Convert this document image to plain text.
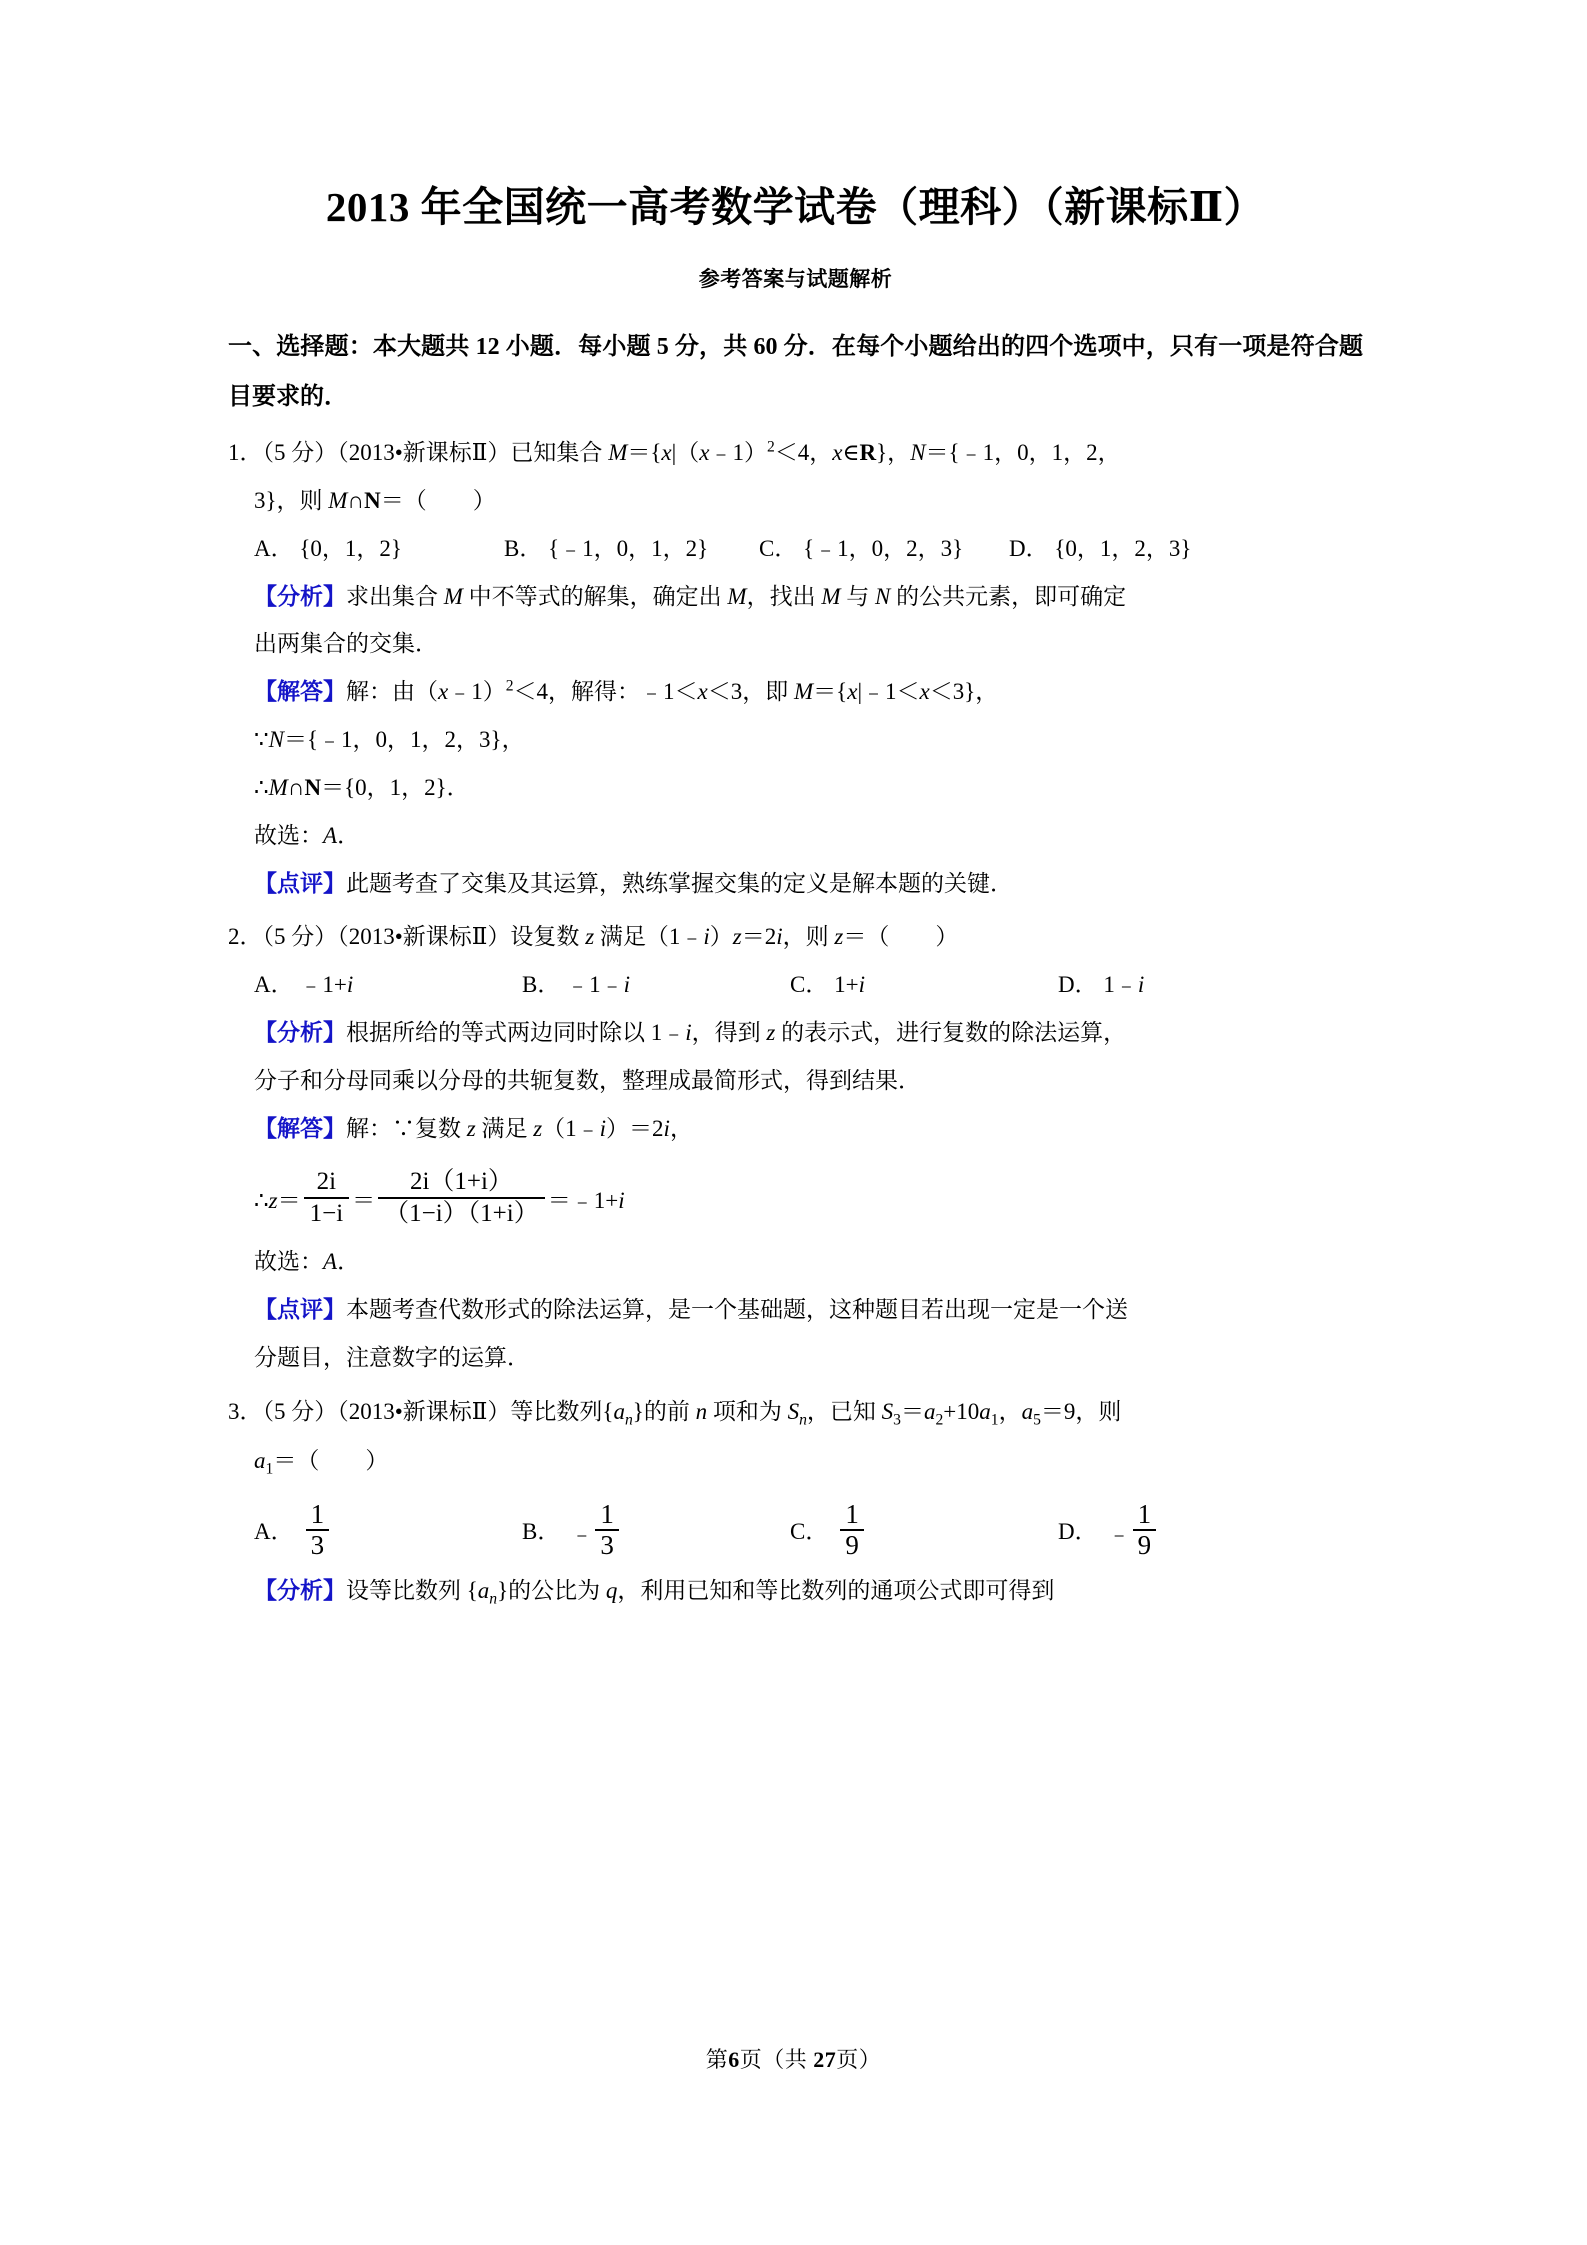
2013 年全国统一高考数学试卷（理科）（新课标Ⅱ）
参考答案与试题解析
一、选择题：本大题共 12 小题．每小题 5 分，共 60 分．在每个小题给出的四个选项中，只有一项是符合题目要求的．
1．（5 分）（2013•新课标Ⅱ）已知集合 M＝{x|（x﹣1）$^2$＜4，x∈R}，N＝{﹣1，0，1，2，
3}，则 M∩N＝（　　）
A． {0，1，2}	B． {﹣1，0，1，2}	C． {﹣1，0，2，3}	D． {0，1，2，3}
【分析】求出集合 M 中不等式的解集，确定出 M，找出 M 与 N 的公共元素，即可确定
出两集合的交集．
【解答】解：由（x﹣1）$^2$＜4，解得：﹣1＜x＜3，即 M＝{x|﹣1＜x＜3}，
∵N＝{﹣1，0，1，2，3}，
∴M∩N＝{0，1，2}．
故选：A．
【点评】此题考查了交集及其运算，熟练掌握交集的定义是解本题的关键．
2．（5 分）（2013•新课标Ⅱ）设复数 z 满足（1﹣i）z＝2i，则 z＝（　　）
A． ﹣1+i	B． ﹣1﹣i	C． 1+i	D． 1﹣i
【分析】根据所给的等式两边同时除以 1﹣i，得到 z 的表示式，进行复数的除法运算，
分子和分母同乘以分母的共轭复数，整理成最简形式，得到结果．
【解答】解：∵复数 z 满足 z（1﹣i）＝2i，
∴z＝ $\frac{2i}{1-i} = \frac{2i(1+i)}{(1-i)(1+i)}$ ＝﹣1+i
故选：A．
【点评】本题考查代数形式的除法运算，是一个基础题，这种题目若出现一定是一个送
分题目，注意数字的运算．
3．（5 分）（2013•新课标Ⅱ）等比数列$\{a_n\}$的前 n 项和为 $S_n$，已知 $S_3=a_2+10a_1$，$a_5=9$，则
$a_1=$（　　）
A． $\frac{1}{3}$	B． ﹣ $\frac{1}{3}$	C． $\frac{1}{9}$	D． ﹣ $\frac{1}{9}$
【分析】设等比数列 $\{a_n\}$的公比为 q，利用已知和等比数列的通项公式即可得到
第6页（共 27页）
